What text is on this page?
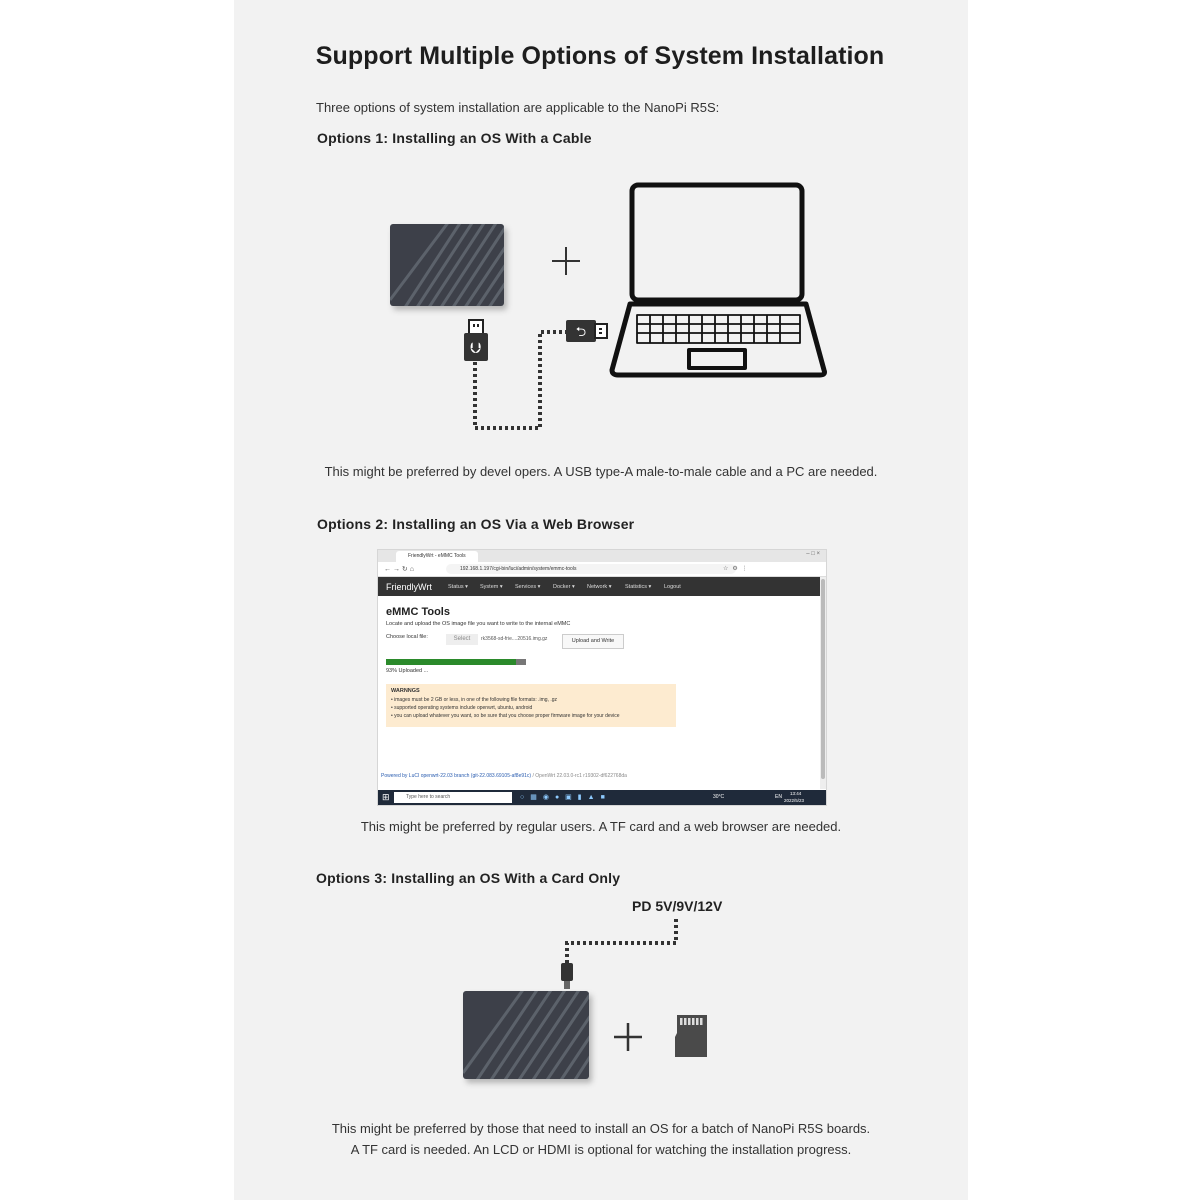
Support Multiple Options of System Installation
Three options of system installation are applicable to the NanoPi R5S:
Options 1: Installing an OS With a Cable
⮋
⮌
This might be preferred by devel opers. A USB type-A male-to-male cable and a PC are needed.
Options 2: Installing an OS Via a Web Browser
FriendlyWrt - eMMC Tools	– □ ×
← → ↻ ⌂	192.168.1.197/cgi-bin/luci/admin/system/emmc-tools	☆⚙⋮
FriendlyWrt	Status ▾ System ▾ Services ▾ Docker ▾ Network ▾ Statistics ▾ Logout
eMMC Tools
Locate and upload the OS image file you want to write to the internal eMMC
Choose local file:	Select	rk3568-sd-frie....20516.img.gz	Upload and Write
93% Uploaded ...
WARNNGS
• images must be 2 GB or less, in one of the following file formats: .img, .gz
• supported operating systems include openwrt, ubuntu, android
• you can upload whatever you want, so be sure that you choose proper firmware image for your device
Powered by LuCI openwrt-22.03 branch (git-22.083.69105-af8e91c) / OpenWrt 22.03.0-rc1 r19302-df622768da
⊞	Type here to search	○▦◉●▣▮▲■	30°C	EN
13:44
2022/5/23
This might be preferred by regular users. A TF card and a web browser are needed.
Options 3: Installing an OS With a Card Only
PD 5V/9V/12V
This might be preferred by those that need to install an OS for a batch of NanoPi R5S boards.
A TF card is needed. An LCD or HDMI is optional for watching the installation progress.
